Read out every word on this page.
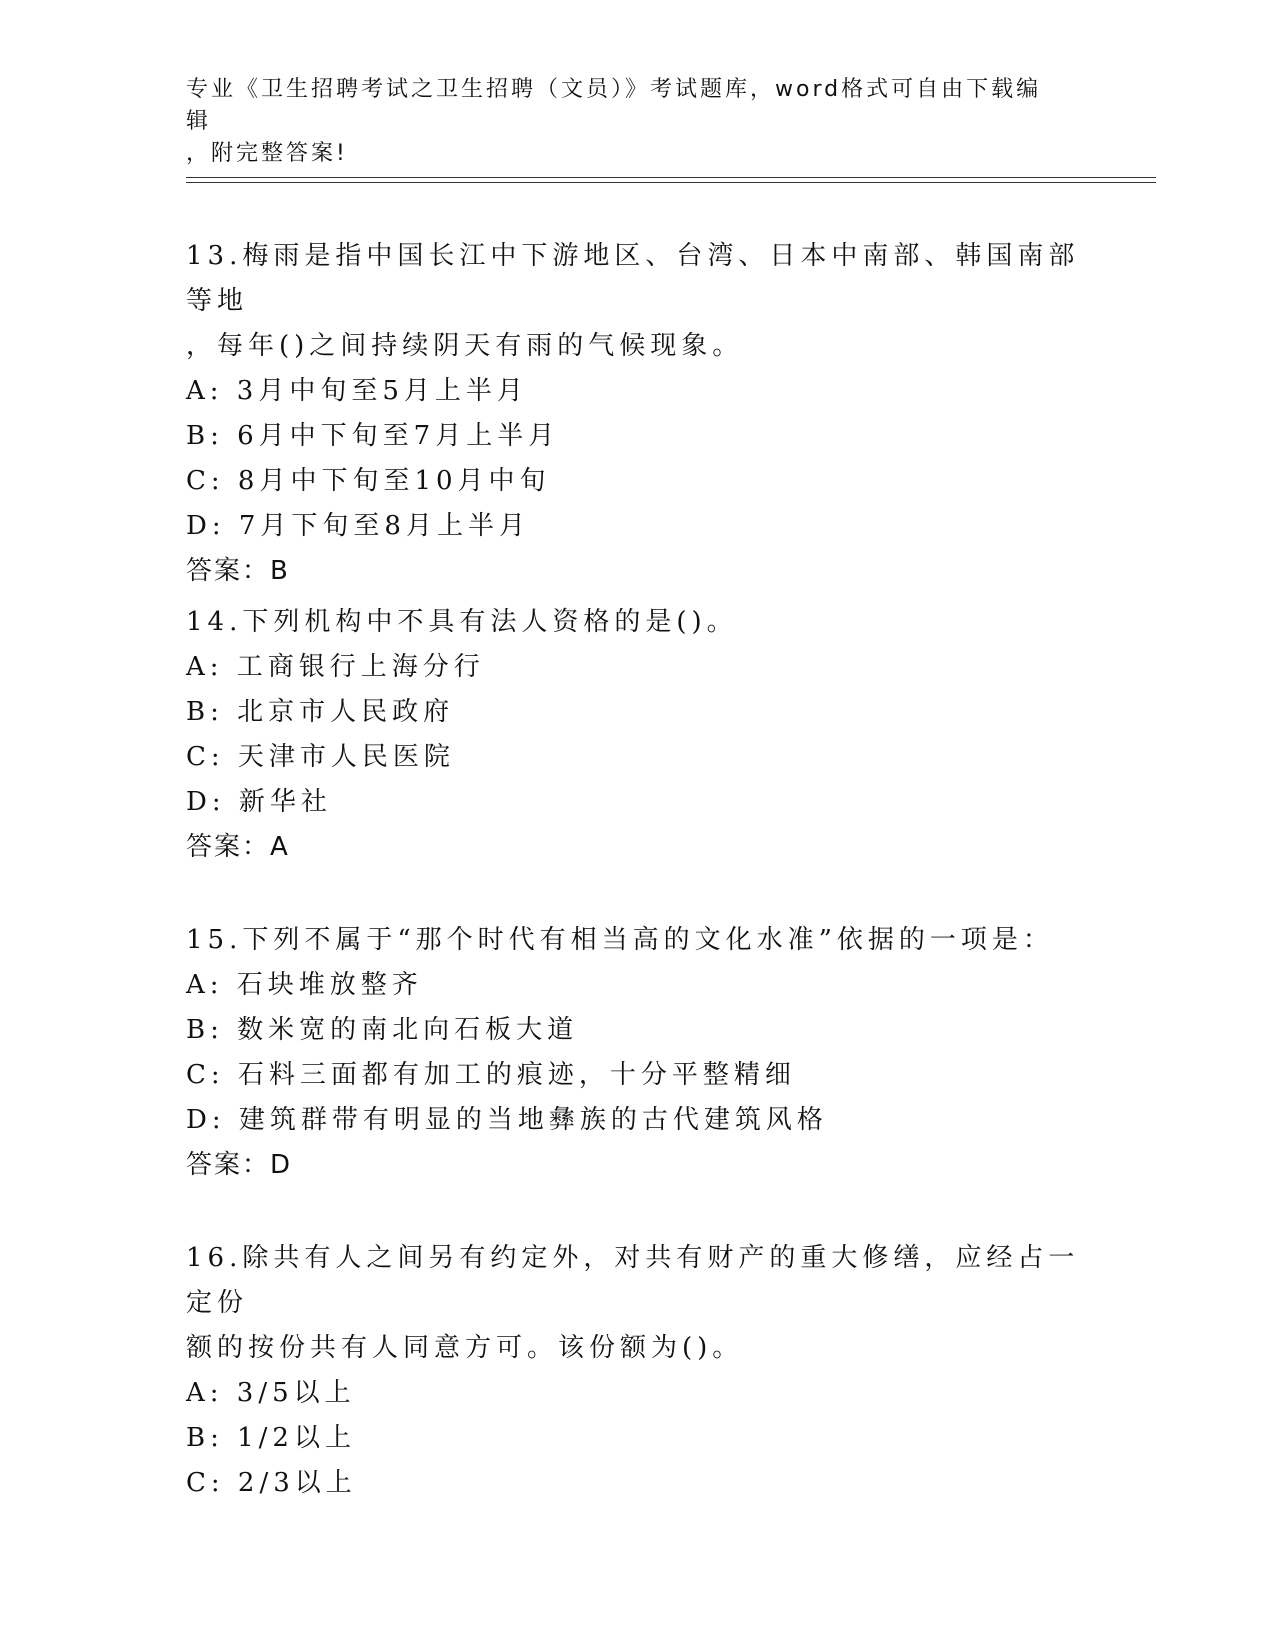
专业《卫生招聘考试之卫生招聘（文员）》考试题库，word格式可自由下载编辑
，附完整答案!

13.梅雨是指中国长江中下游地区、台湾、日本中南部、韩国南部等地

，每年()之间持续阴天有雨的气候现象。

A: 3月中旬至5月上半月

B: 6月中下旬至7月上半月

C: 8月中下旬至10月中旬

D: 7月下旬至8月上半月

答案：B

14.下列机构中不具有法人资格的是()。

A: 工商银行上海分行

B: 北京市人民政府

C: 天津市人民医院

D: 新华社

答案：A

15.下列不属于“那个时代有相当高的文化水准”依据的一项是：

A: 石块堆放整齐

B: 数米宽的南北向石板大道

C: 石料三面都有加工的痕迹，十分平整精细

D: 建筑群带有明显的当地彝族的古代建筑风格

答案：D

16.除共有人之间另有约定外，对共有财产的重大修缮，应经占一定份

额的按份共有人同意方可。该份额为()。

A: 3/5以上

B: 1/2以上

C: 2/3以上
